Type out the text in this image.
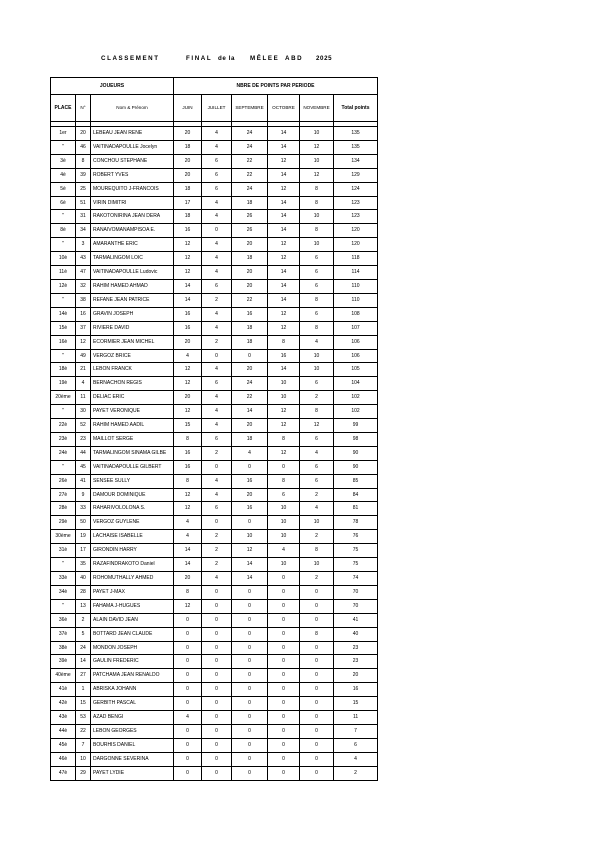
CLASSEMENT	FINAL de la MÊLEE ABD 2025
JOUEURS			NBRE DE POINTS PAR PERIODE					
PLACE	N°	Nom & Prénom	JUIN	JUILLET	SEPTEMBRE	OCTOBRE	NOVEMBRE	Total points

1er	20	LEBEAU JEAN RENE	20	4	24	14	10	135
"	46	VAITINADAPOULLE Jocelyn	18	4	24	14	12	135
3è	8	CONCHOU STEPHANE	20	6	22	12	10	134
4è	39	ROBERT YVES	20	6	22	14	12	129
5è	25	MOUREQUITO J-FRANCOIS	18	6	24	12	8	124
6è	51	VIRIN DIMITRI	17	4	18	14	8	123
"	31	RAKOTONIRINA JEAN DERA	18	4	26	14	10	123
8è	34	RANAIVOMANAMPISOA E.	16	0	26	14	8	120
"	3	AMARANTHE ERIC	12	4	20	12	10	120
10è	43	TARMALINGOM LOIC	12	4	18	12	6	118
11è	47	VAITINADAPOULLE Ludovic	12	4	20	14	6	114
12è	32	RAHIM HAMED AHMAD	14	6	20	14	6	110
"	38	REFANE JEAN PATRICE	14	2	22	14	8	110
14è	16	GRAVIN JOSEPH	16	4	16	12	6	108
15è	37	RIVIERE DAVID	16	4	18	12	8	107
16è	12	ECORMIER JEAN MICHEL	20	2	18	8	4	106
"	49	VERGOZ BRICE	4	0	0	16	10	106
18è	21	LEBON FRANCK	12	4	20	14	10	105
19è	4	BERNACHON REGIS	12	6	24	10	6	104
20ème	11	DELIAC ERIC	20	4	22	10	2	102
"	30	PAYET VERONIQUE	12	4	14	12	8	102
22è	52	RAHIM HAMED AADIL	15	4	20	12	12	99
23è	23	MAILLOT SERGE	8	6	18	8	6	98
24è	44	TARMALINGOM SINAMA GILBE	16	2	4	12	4	90
"	45	VAITINADAPOULLE GILBERT	16	0	0	0	6	90
26è	41	SENSEE SULLY	8	4	16	8	6	85
27è	9	DAMOUR DOMINIQUE	12	4	20	6	2	84
28è	33	RAHARIVOLOLONA S.	12	6	16	10	4	81
29è	50	VERGOZ GUYLENE	4	0	0	10	10	78
30ème	19	LACHAISE ISABELLE	4	2	10	10	2	76
31è	17	GIRONDIN HARRY	14	2	12	4	8	75
"	35	RAZAFINDRAKOTO Daniel	14	2	14	10	10	75
33è	40	ROHOMUTHALLY AHMED	20	4	14	0	2	74
34è	28	PAYET J-MAX	8	0	0	0	0	70
"	13	FAHAMA J-HUGUES	12	0	0	0	0	70
36è	2	ALAIN DAVID JEAN	0	0	0	0	0	41
37è	5	BOTTARD JEAN CLAUDE	0	0	0	0	8	40
38è	24	MONDON JOSEPH	0	0	0	0	0	23
39è	14	GAULIN FREDERIC	0	0	0	0	0	23
40ème	27	PATCHAMA JEAN RENALDO	0	0	0	0	0	20
41è	1	ABRISKA JOHANN	0	0	0	0	0	16
42è	15	GERBITH PASCAL	0	0	0	0	0	15
43è	53	AZAD BENGI	4	0	0	0	0	11
44è	22	LEBON GEORGES	0	0	0	0	0	7
45è	7	BOURHIS DANIEL	0	0	0	0	0	6
46è	10	DARGONNE SEVERINA	0	0	0	0	0	4
47è	29	PAYET LYDIE	0	0	0	0	0	2
